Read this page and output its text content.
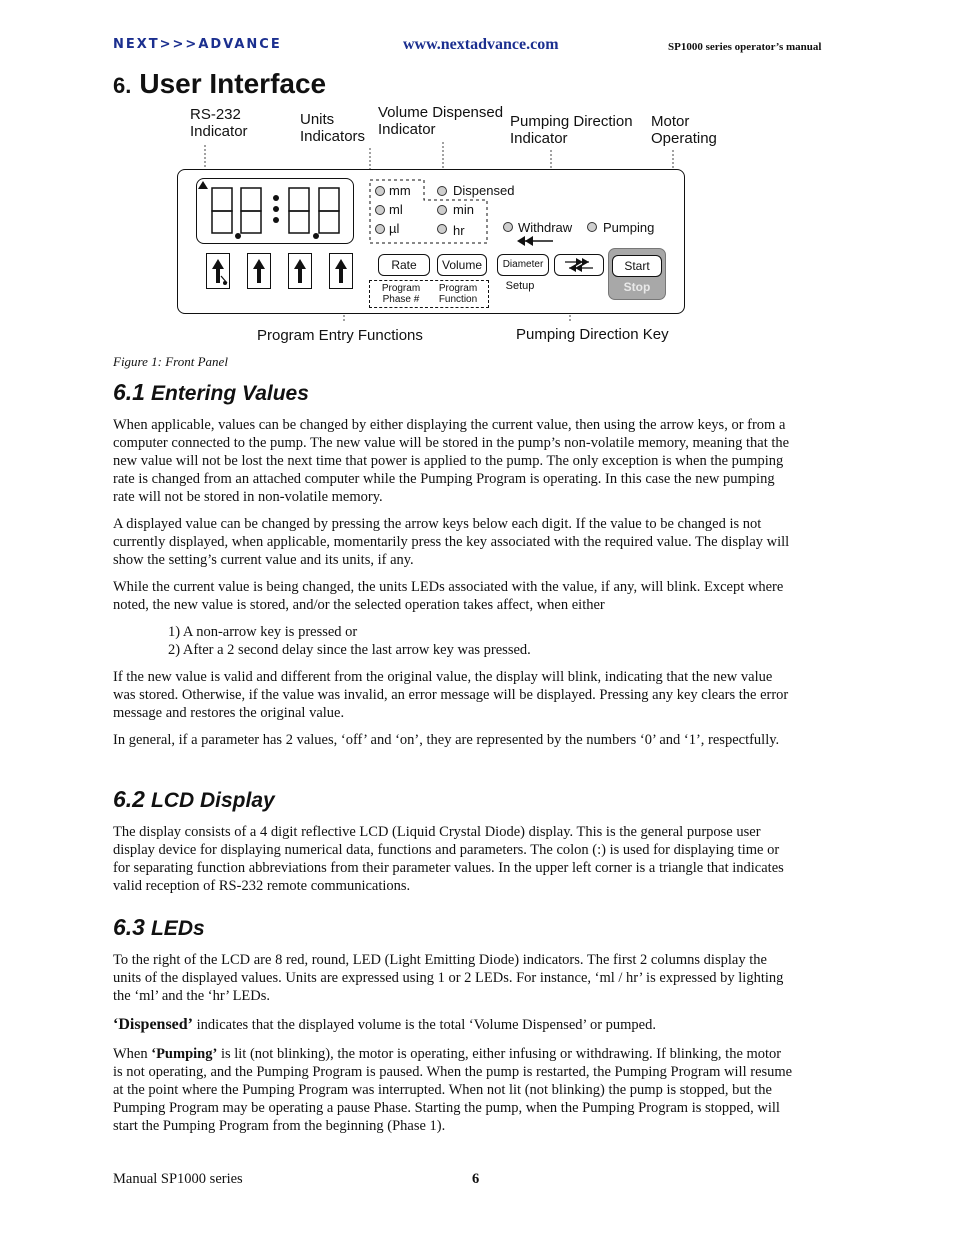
NEXT>>>ADVANCE	www.nextadvance.com	SP1000 series operator’s manual
6. User Interface
RS-232
Indicator
Units
Indicators
Volume Dispensed
Indicator	Pumping Direction
Indicator
Motor
Operating
mm
ml
µl
Dispensed
min
hr	Withdraw Pumping
Rate	Volume	Diameter	Start
Stop
Program
Phase #
Program
Function
Setup
Program Entry Functions	Pumping Direction Key
Figure 1: Front Panel
6.1 Entering Values
When applicable, values can be changed by either displaying the current value, then using the arrow keys, or from a computer connected to the pump. The new value will be stored in the pump’s non-volatile memory, meaning that the new value will not be lost the next time that power is applied to the pump. The only exception is when the pumping rate is changed from an attached computer while the Pumping Program is operating. In this case the new pumping rate will not be stored in non-volatile memory.
A displayed value can be changed by pressing the arrow keys below each digit. If the value to be changed is not currently displayed, when applicable, momentarily press the key associated with the required value. The display will show the setting’s current value and its units, if any.
While the current value is being changed, the units LEDs associated with the value, if any, will blink. Except where noted, the new value is stored, and/or the selected operation takes affect, when either
1) A non-arrow key is pressed or
2) After a 2 second delay since the last arrow key was pressed.
If the new value is valid and different from the original value, the display will blink, indicating that the new value was stored. Otherwise, if the value was invalid, an error message will be displayed. Pressing any key clears the error message and restores the original value.
In general, if a parameter has 2 values, ‘off’ and ‘on’, they are represented by the numbers ‘0’ and ‘1’, respectfully.
6.2 LCD Display
The display consists of a 4 digit reflective LCD (Liquid Crystal Diode) display. This is the general purpose user display device for displaying numerical data, functions and parameters. The colon (:) is used for displaying time or for separating function abbreviations from their parameter values. In the upper left corner is a triangle that indicates valid reception of RS-232 remote communications.
6.3 LEDs
To the right of the LCD are 8 red, round, LED (Light Emitting Diode) indicators. The first 2 columns display the units of the displayed values. Units are expressed using 1 or 2 LEDs. For instance, ‘ml / hr’ is expressed by lighting the ‘ml’ and the ‘hr’ LEDs.
‘Dispensed’ indicates that the displayed volume is the total ‘Volume Dispensed’ or pumped.
When ‘Pumping’ is lit (not blinking), the motor is operating, either infusing or withdrawing. If blinking, the motor is not operating, and the Pumping Program is paused. When the pump is restarted, the Pumping Program will resume at the point where the Pumping Program was interrupted. When not lit (not blinking) the pump is stopped, but the Pumping Program may be operating a pause Phase. Starting the pump, when the Pumping Program is stopped, will start the Pumping Program from the beginning (Phase 1).
Manual SP1000 series	6
